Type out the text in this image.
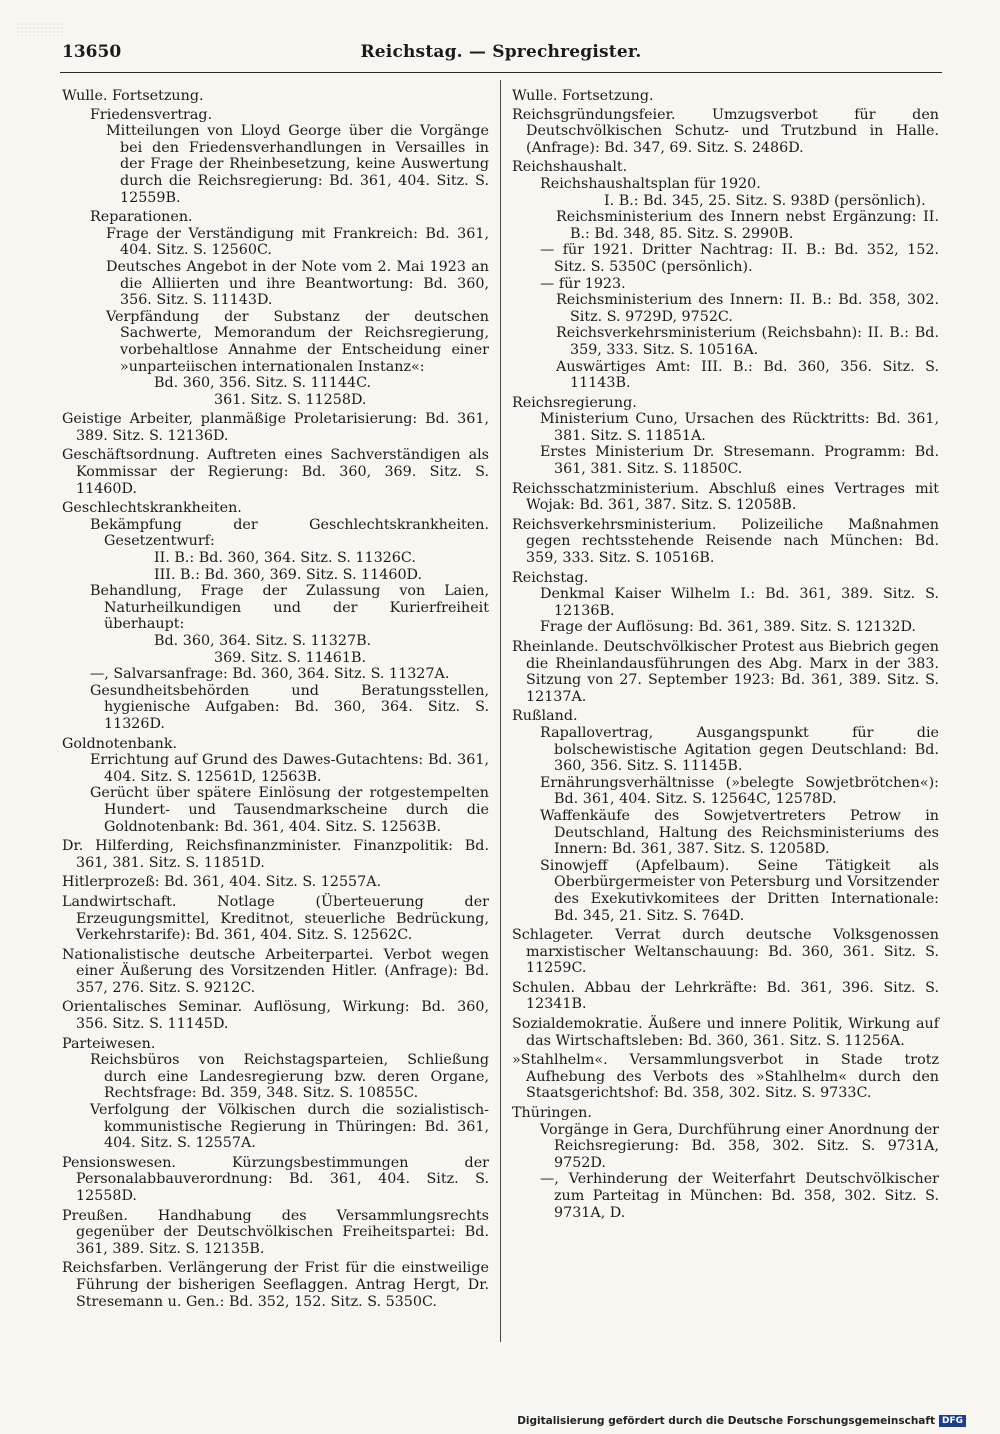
13650	Reichstag. — Sprechregister.

Wulle. Fortsetzung.

Friedensvertrag.

Mitteilungen von Lloyd George über die Vorgänge bei den Friedensverhandlungen in Versailles in der Frage der Rheinbesetzung, keine Auswertung durch die Reichsregierung: Bd. 361, 404. Sitz. S. 12559B.

Reparationen.

Frage der Verständigung mit Frankreich: Bd. 361, 404. Sitz. S. 12560C.

Deutsches Angebot in der Note vom 2. Mai 1923 an die Alliierten und ihre Beantwortung: Bd. 360, 356. Sitz. S. 11143D.

Verpfändung der Substanz der deutschen Sachwerte, Memorandum der Reichsregierung, vorbehaltlose Annahme der Entscheidung einer »unparteiischen internationalen Instanz«:

Bd. 360, 356. Sitz. S. 11144C.

361. Sitz. S. 11258D.

Geistige Arbeiter, planmäßige Proletarisierung: Bd. 361, 389. Sitz. S. 12136D.

Geschäftsordnung. Auftreten eines Sachverständigen als Kommissar der Regierung: Bd. 360, 369. Sitz. S. 11460D.

Geschlechtskrankheiten.

Bekämpfung der Geschlechtskrankheiten. Gesetzentwurf:

II. B.: Bd. 360, 364. Sitz. S. 11326C.

III. B.: Bd. 360, 369. Sitz. S. 11460D.

Behandlung, Frage der Zulassung von Laien, Naturheilkundigen und der Kurierfreiheit überhaupt:

Bd. 360, 364. Sitz. S. 11327B.

369. Sitz. S. 11461B.

—, Salvarsanfrage: Bd. 360, 364. Sitz. S. 11327A.

Gesundheitsbehörden und Beratungsstellen, hygienische Aufgaben: Bd. 360, 364. Sitz. S. 11326D.

Goldnotenbank.

Errichtung auf Grund des Dawes-Gutachtens: Bd. 361, 404. Sitz. S. 12561D, 12563B.

Gerücht über spätere Einlösung der rotgestempelten Hundert- und Tausendmarkscheine durch die Goldnotenbank: Bd. 361, 404. Sitz. S. 12563B.

Dr. Hilferding, Reichsfinanzminister. Finanzpolitik: Bd. 361, 381. Sitz. S. 11851D.

Hitlerprozeß: Bd. 361, 404. Sitz. S. 12557A.

Landwirtschaft. Notlage (Überteuerung der Erzeugungsmittel, Kreditnot, steuerliche Bedrückung, Verkehrstarife): Bd. 361, 404. Sitz. S. 12562C.

Nationalistische deutsche Arbeiterpartei. Verbot wegen einer Äußerung des Vorsitzenden Hitler. (Anfrage): Bd. 357, 276. Sitz. S. 9212C.

Orientalisches Seminar. Auflösung, Wirkung: Bd. 360, 356. Sitz. S. 11145D.

Parteiwesen.

Reichsbüros von Reichstagsparteien, Schließung durch eine Landesregierung bzw. deren Organe, Rechtsfrage: Bd. 359, 348. Sitz. S. 10855C.

Verfolgung der Völkischen durch die sozialistisch-kommunistische Regierung in Thüringen: Bd. 361, 404. Sitz. S. 12557A.

Pensionswesen. Kürzungsbestimmungen der Personalabbauverordnung: Bd. 361, 404. Sitz. S. 12558D.

Preußen. Handhabung des Versammlungsrechts gegenüber der Deutschvölkischen Freiheitspartei: Bd. 361, 389. Sitz. S. 12135B.

Reichsfarben. Verlängerung der Frist für die einstweilige Führung der bisherigen Seeflaggen. Antrag Hergt, Dr. Stresemann u. Gen.: Bd. 352, 152. Sitz. S. 5350C.

Wulle. Fortsetzung.

Reichsgründungsfeier. Umzugsverbot für den Deutschvölkischen Schutz- und Trutzbund in Halle. (Anfrage): Bd. 347, 69. Sitz. S. 2486D.

Reichshaushalt.

Reichshaushaltsplan für 1920.

I. B.: Bd. 345, 25. Sitz. S. 938D (persönlich).

Reichsministerium des Innern nebst Ergänzung: II. B.: Bd. 348, 85. Sitz. S. 2990B.

— für 1921. Dritter Nachtrag: II. B.: Bd. 352, 152. Sitz. S. 5350C (persönlich).

— für 1923.

Reichsministerium des Innern: II. B.: Bd. 358, 302. Sitz. S. 9729D, 9752C.

Reichsverkehrsministerium (Reichsbahn): II. B.: Bd. 359, 333. Sitz. S. 10516A.

Auswärtiges Amt: III. B.: Bd. 360, 356. Sitz. S. 11143B.

Reichsregierung.

Ministerium Cuno, Ursachen des Rücktritts: Bd. 361, 381. Sitz. S. 11851A.

Erstes Ministerium Dr. Stresemann. Programm: Bd. 361, 381. Sitz. S. 11850C.

Reichsschatzministerium. Abschluß eines Vertrages mit Wojak: Bd. 361, 387. Sitz. S. 12058B.

Reichsverkehrsministerium. Polizeiliche Maßnahmen gegen rechtsstehende Reisende nach München: Bd. 359, 333. Sitz. S. 10516B.

Reichstag.

Denkmal Kaiser Wilhelm I.: Bd. 361, 389. Sitz. S. 12136B.

Frage der Auflösung: Bd. 361, 389. Sitz. S. 12132D.

Rheinlande. Deutschvölkischer Protest aus Biebrich gegen die Rheinlandausführungen des Abg. Marx in der 383. Sitzung von 27. September 1923: Bd. 361, 389. Sitz. S. 12137A.

Rußland.

Rapallovertrag, Ausgangspunkt für die bolschewistische Agitation gegen Deutschland: Bd. 360, 356. Sitz. S. 11145B.

Ernährungsverhältnisse (»belegte Sowjetbrötchen«): Bd. 361, 404. Sitz. S. 12564C, 12578D.

Waffenkäufe des Sowjetvertreters Petrow in Deutschland, Haltung des Reichsministeriums des Innern: Bd. 361, 387. Sitz. S. 12058D.

Sinowjeff (Apfelbaum). Seine Tätigkeit als Oberbürgermeister von Petersburg und Vorsitzender des Exekutivkomitees der Dritten Internationale: Bd. 345, 21. Sitz. S. 764D.

Schlageter. Verrat durch deutsche Volksgenossen marxistischer Weltanschauung: Bd. 360, 361. Sitz. S. 11259C.

Schulen. Abbau der Lehrkräfte: Bd. 361, 396. Sitz. S. 12341B.

Sozialdemokratie. Äußere und innere Politik, Wirkung auf das Wirtschaftsleben: Bd. 360, 361. Sitz. S. 11256A.

»Stahlhelm«. Versammlungsverbot in Stade trotz Aufhebung des Verbots des »Stahlhelm« durch den Staatsgerichtshof: Bd. 358, 302. Sitz. S. 9733C.

Thüringen.

Vorgänge in Gera, Durchführung einer Anordnung der Reichsregierung: Bd. 358, 302. Sitz. S. 9731A, 9752D.

—, Verhinderung der Weiterfahrt Deutschvölkischer zum Parteitag in München: Bd. 358, 302. Sitz. S. 9731A, D.

Digitalisierung gefördert durch die Deutsche Forschungsgemeinschaft DFG
